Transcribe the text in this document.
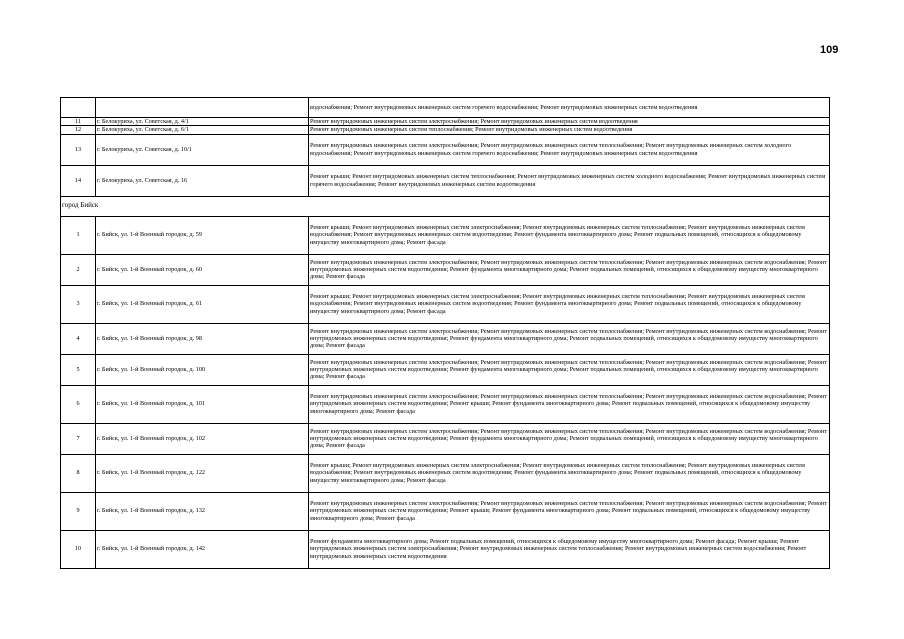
109
		водоснабжения; Ремонт внутридомовых инженерных систем горячего водоснабжения; Ремонт внутридомовых инженерных систем водоотведения
11	г. Белокуриха, ул. Советская, д. 4/1	Ремонт внутридомовых инженерных систем электроснабжения; Ремонт внутридомовых инженерных систем водоотведения
12	г. Белокуриха, ул. Советская, д. 6/1	Ремонт внутридомовых инженерных систем теплоснабжения; Ремонт внутридомовых инженерных систем водоотведения
13	г. Белокуриха, ул. Советская, д. 10/1	Ремонт внутридомовых инженерных систем электроснабжения; Ремонт внутридомовых инженерных систем теплоснабжения; Ремонт внутридомовых инженерных систем холодного водоснабжения; Ремонт внутридомовых инженерных систем горячего водоснабжения; Ремонт внутридомовых инженерных систем водоотведения
14	г. Белокуриха, ул. Советская, д. 16	Ремонт крыши; Ремонт внутридомовых инженерных систем теплоснабжения; Ремонт внутридомовых инженерных систем холодного водоснабжения; Ремонт внутридомовых инженерных систем горячего водоснабжения; Ремонт внутридомовых инженерных систем водоотведения
город Бийск		
1	г. Бийск, ул. 1-й Военный городок, д. 59	Ремонт крыши; Ремонт внутридомовых инженерных систем электроснабжения; Ремонт внутридомовых инженерных систем теплоснабжения; Ремонт внутридомовых инженерных систем водоснабжения; Ремонт внутридомовых инженерных систем водоотведения; Ремонт фундамента многоквартирного дома; Ремонт подвальных помещений, относящихся к общедомовому имуществу многоквартирного дома; Ремонт фасада
2	г. Бийск, ул. 1-й Военный городок, д. 60	Ремонт внутридомовых инженерных систем электроснабжения; Ремонт внутридомовых инженерных систем теплоснабжения; Ремонт внутридомовых инженерных систем водоснабжения; Ремонт внутридомовых инженерных систем водоотведения; Ремонт фундамента многоквартирного дома; Ремонт подвальных помещений, относящихся к общедомовому имуществу многоквартирного дома; Ремонт фасада
3	г. Бийск, ул. 1-й Военный городок, д. 61	Ремонт крыши; Ремонт внутридомовых инженерных систем электроснабжения; Ремонт внутридомовых инженерных систем теплоснабжения; Ремонт внутридомовых инженерных систем водоснабжения; Ремонт внутридомовых инженерных систем водоотведения; Ремонт фундамента многоквартирного дома; Ремонт подвальных помещений, относящихся к общедомовому имуществу многоквартирного дома; Ремонт фасада
4	г. Бийск, ул. 1-й Военный городок, д. 98	Ремонт внутридомовых инженерных систем электроснабжения; Ремонт внутридомовых инженерных систем теплоснабжения; Ремонт внутридомовых инженерных систем водоснабжения; Ремонт внутридомовых инженерных систем водоотведения; Ремонт фундамента многоквартирного дома; Ремонт подвальных помещений, относящихся к общедомовому имуществу многоквартирного дома; Ремонт фасада
5	г. Бийск, ул. 1-й Военный городок, д. 100	Ремонт внутридомовых инженерных систем электроснабжения; Ремонт внутридомовых инженерных систем теплоснабжения; Ремонт внутридомовых инженерных систем водоснабжения; Ремонт внутридомовых инженерных систем водоотведения; Ремонт фундамента многоквартирного дома; Ремонт подвальных помещений, относящихся к общедомовому имуществу многоквартирного дома; Ремонт фасада
6	г. Бийск, ул. 1-й Военный городок, д. 101	Ремонт внутридомовых инженерных систем электроснабжения; Ремонт внутридомовых инженерных систем теплоснабжения; Ремонт внутридомовых инженерных систем водоснабжения; Ремонт внутридомовых инженерных систем водоотведения; Ремонт крыши; Ремонт фундамента многоквартирного дома; Ремонт подвальных помещений, относящихся к общедомовому имуществу многоквартирного дома; Ремонт фасада
7	г. Бийск, ул. 1-й Военный городок, д. 102	Ремонт внутридомовых инженерных систем электроснабжения; Ремонт внутридомовых инженерных систем теплоснабжения; Ремонт внутридомовых инженерных систем водоснабжения; Ремонт внутридомовых инженерных систем водоотведения; Ремонт фундамента многоквартирного дома; Ремонт подвальных помещений, относящихся к общедомовому имуществу многоквартирного дома; Ремонт фасада
8	г. Бийск, ул. 1-й Военный городок, д. 122	Ремонт крыши; Ремонт внутридомовых инженерных систем электроснабжения; Ремонт внутридомовых инженерных систем теплоснабжения; Ремонт внутридомовых инженерных систем водоснабжения; Ремонт внутридомовых инженерных систем водоотведения; Ремонт фундамента многоквартирного дома; Ремонт подвальных помещений, относящихся к общедомовому имуществу многоквартирного дома; Ремонт фасада
9	г. Бийск, ул. 1-й Военный городок, д. 132	Ремонт внутридомовых инженерных систем электроснабжения; Ремонт внутридомовых инженерных систем теплоснабжения; Ремонт внутридомовых инженерных систем водоснабжения; Ремонт внутридомовых инженерных систем водоотведения; Ремонт крыши; Ремонт фундамента многоквартирного дома; Ремонт подвальных помещений, относящихся к общедомовому имуществу многоквартирного дома; Ремонт фасада
10	г. Бийск, ул. 1-й Военный городок, д. 142	Ремонт фундамента многоквартирного дома; Ремонт подвальных помещений, относящихся к общедомовому имуществу многоквартирного дома; Ремонт фасада; Ремонт крыши; Ремонт внутридомовых инженерных систем электроснабжения; Ремонт внутридомовых инженерных систем теплоснабжения; Ремонт внутридомовых инженерных систем водоснабжения; Ремонт внутридомовых инженерных систем водоотведения
